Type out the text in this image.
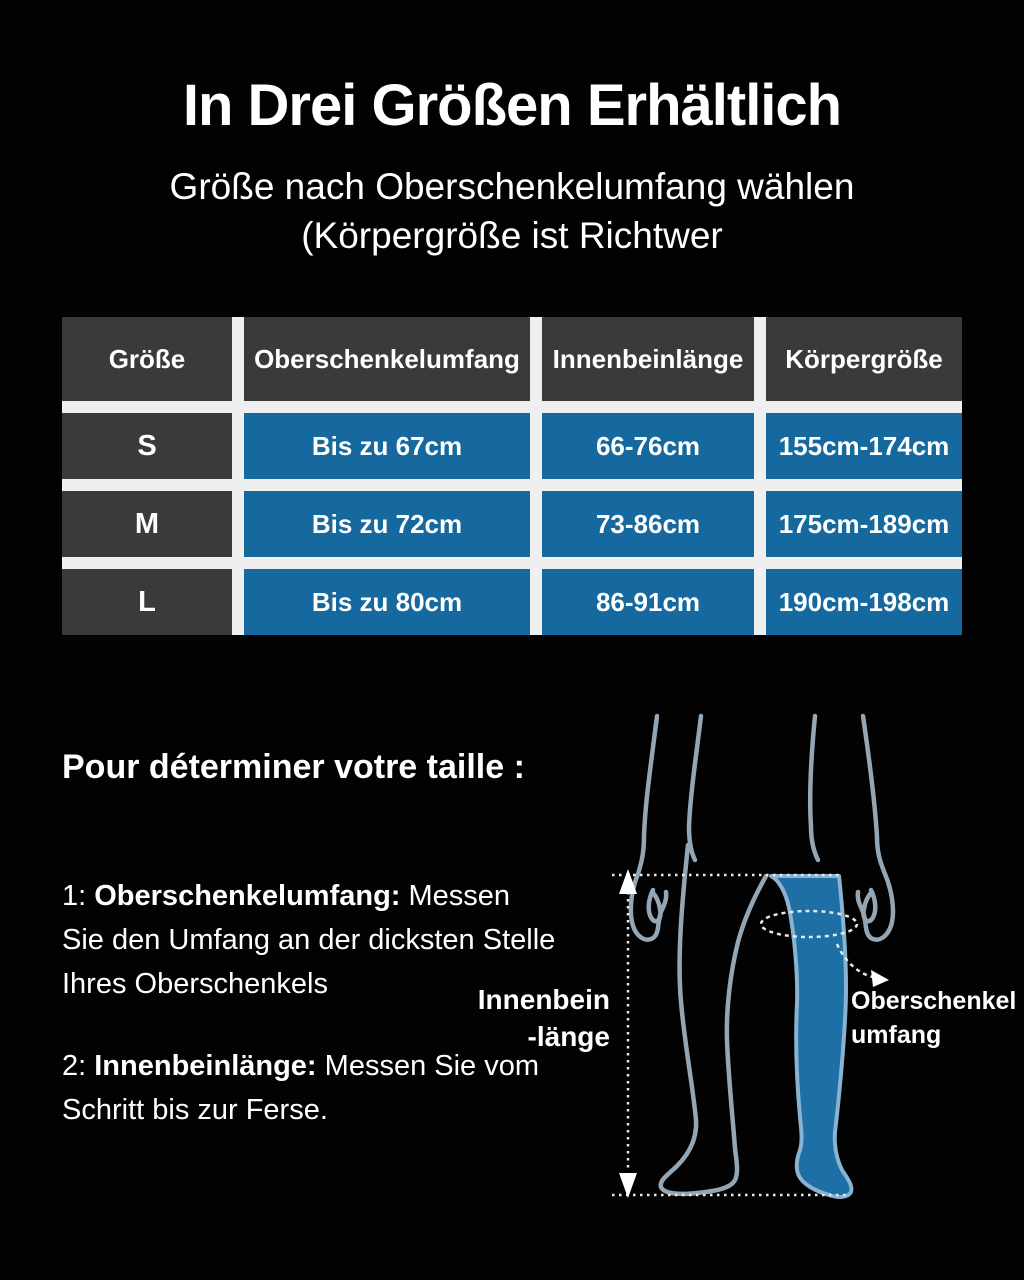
In Drei Größen Erhältlich
Größe nach Oberschenkelumfang wählen
(Körpergröße ist Richtwer
Größe	Oberschenkelumfang	Innenbeinlänge	Körpergröße
S	Bis zu 67cm	66-76cm	155cm-174cm
M	Bis zu 72cm	73-86cm	175cm-189cm
L	Bis zu 80cm	86-91cm	190cm-198cm
Pour déterminer votre taille :

1: Oberschenkelumfang: Messen Sie den Umfang an der dicksten Stelle Ihres Oberschenkels

2: Innenbeinlänge: Messen Sie vom Schritt bis zur Ferse.

Innenbein
-länge
Oberschenkel
umfang
